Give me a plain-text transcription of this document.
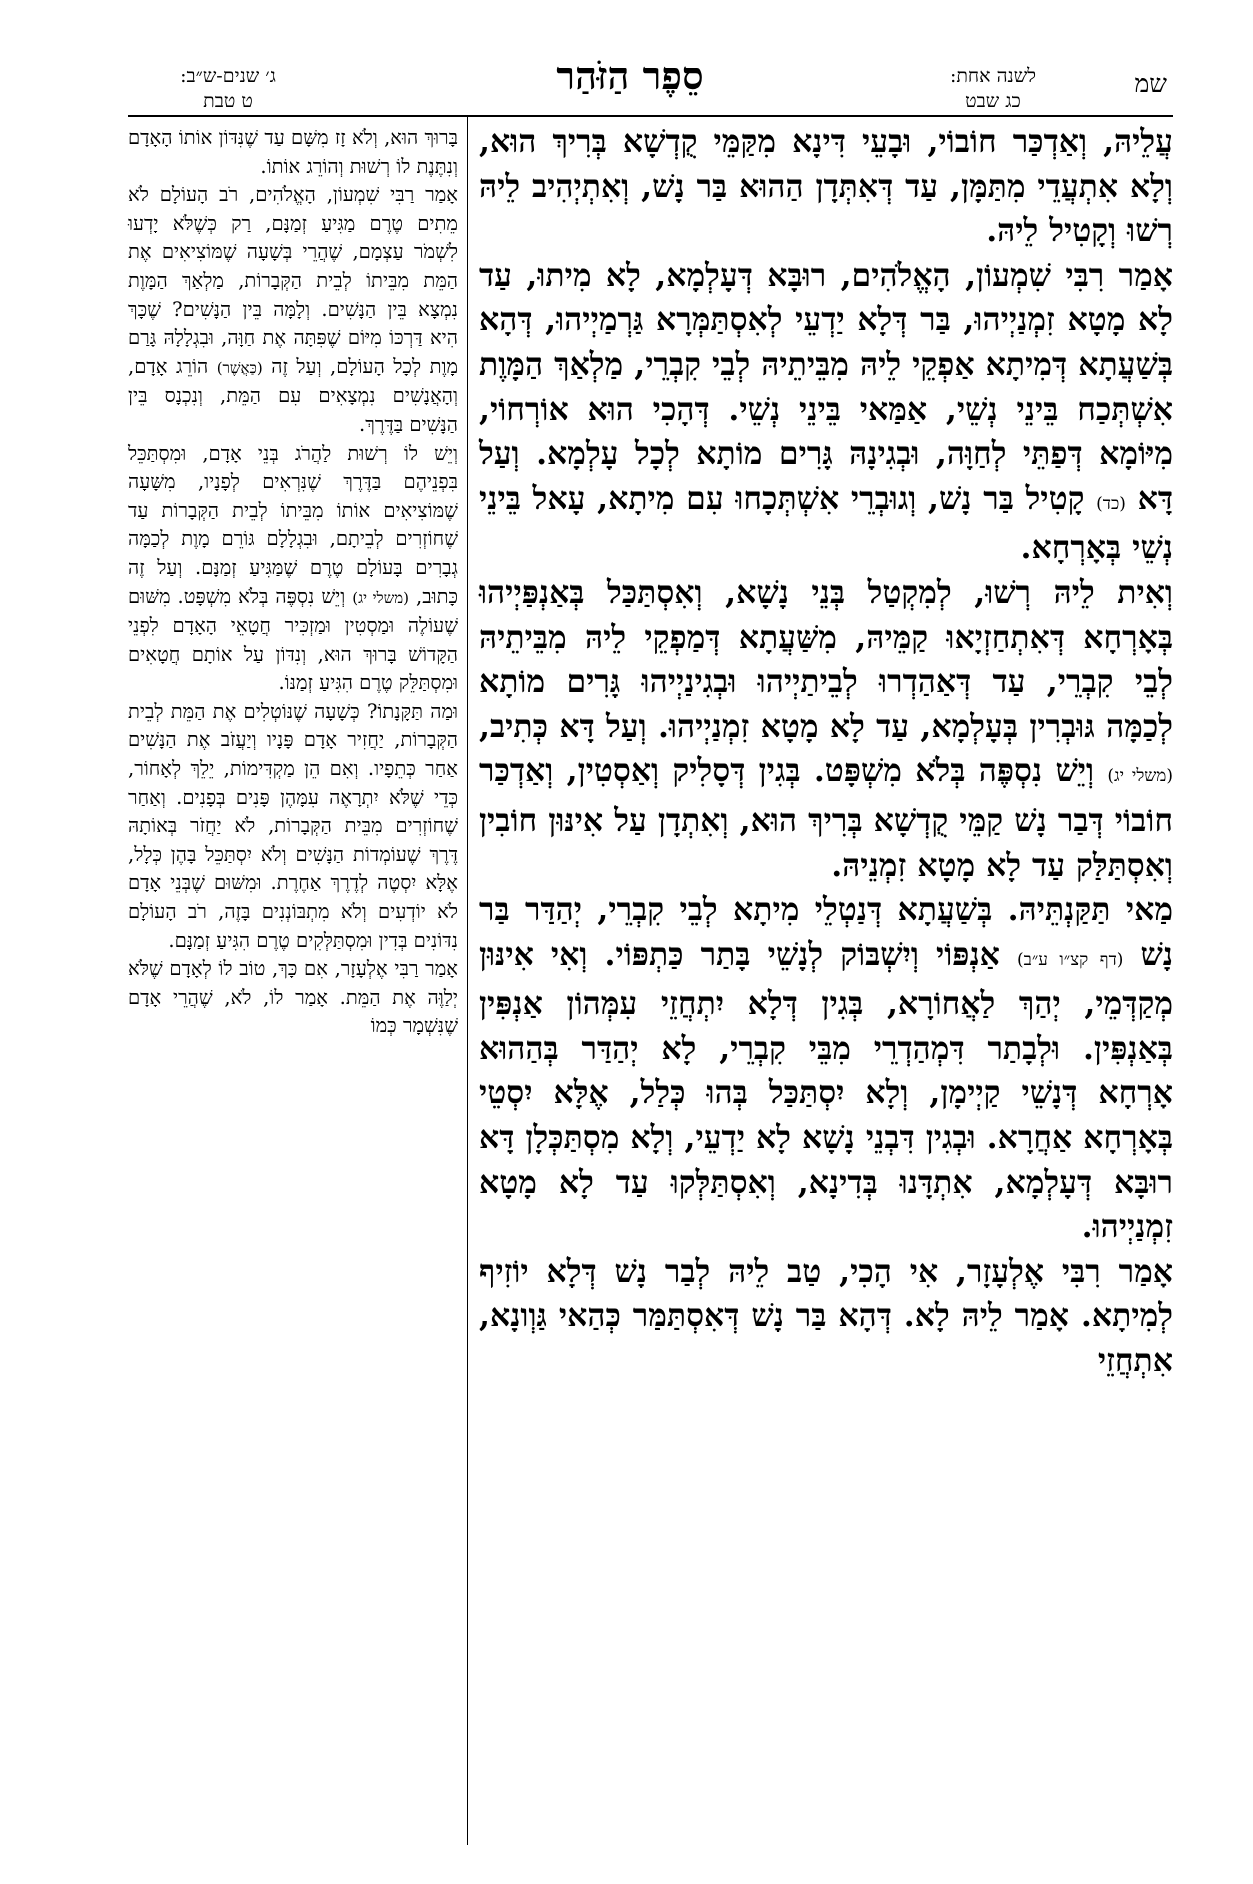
שמ
לשנה אחת:
כג שבט
סֵפֶר הַזֹּהַר
ג׳ שנים-ש״ב:
ט טבת

עֲלֵיהּ, וְאַדְכַּר חוֹבוֹי, וּבָעֵי דִּינָא מִקַּמֵּי קֻדְשָׁא בְּרִיךְ הוּא, וְלָא אִתְעֲדֵי מִתַּמָּן, עַד דְּאִתְּדָן הַהוּא בַּר נָשׁ, וְאִתְיְהִיב לֵיהּ רְשׁוּ וְקָטִיל לֵיהּ.

אָמַר רִבִּי שִׁמְעוֹן, הָאֱלֹהִים, רוּבָּא דְּעָלְמָא, לָא מִיתוּ, עַד לָא מָטָא זִמְנַיְיהוּ, בַּר דְּלָא יַדְעֵי לְאִסְתַּמְּרָא גַּרְמַיְיהוּ, דְּהָא בְּשַׁעֲתָא דְּמִיתָא אַפְקֵי לֵיהּ מִבֵּיתֵיהּ לְבֵי קִבְרֵי, מַלְאַךְ הַמָּוֶת אִשְׁתְּכַח בֵּינֵי נְשֵׁי, אַמַּאי בֵּינֵי נְשֵׁי. דְּהָכִי הוּא אוֹרְחוֹי, מִיּוֹמָא דְּפַתֵּי לְחַוָּה, וּבְגִינָהּ גָּרִים מוֹתָא לְכָל עָלְמָא. וְעַל דָּא (כד) קָטִיל בַּר נָשׁ, וְגוּבְרֵי אִשְׁתְּכָחוּ עִם מִיתָא, עָאל בֵּינֵי נְשֵׁי בְּאָרְחָא.

וְאִית לֵיהּ רְשׁוּ, לְמִקְטַל בְּנֵי נָשָׁא, וְאִסְתַּכַּל בְּאַנְפַּיְיהוּ בְּאָרְחָא דְּאִתְחַזְיָאוּ קַמֵּיהּ, מִשַּׁעֲתָא דְּמַפְקֵי לֵיהּ מִבֵּיתֵיהּ לְבֵי קִבְרֵי, עַד דְּאַהַדְרוּ לְבֵיתַיְיהוּ וּבְגִינַיְיהוּ גָּרִים מוֹתָא לְכַמָּה גּוּבְרִין בְּעָלְמָא, עַד לָא מָטָא זִמְנַיְיהוּ. וְעַל דָּא כְּתִיב, (משלי יג) וְיֵשׁ נִסְפֶּה בְּלֹא מִשְׁפָּט. בְּגִין דְּסָלִיק וְאַסְטִין, וְאַדְכַּר חוֹבוֹי דְּבַר נָשׁ קַמֵּי קֻדְשָׁא בְּרִיךְ הוּא, וְאִתְדָן עַל אִינּוּן חוֹבִין וְאִסְתַּלַּק עַד לָא מָטָא זִמְנֵיהּ.

מַאי תַּקַּנְתֵּיהּ. בְּשַׁעֲתָא דְּנַטְלֵי מִיתָא לְבֵי קִבְרֵי, יְהַדַּר בַּר נָשׁ (דף קצ״ו ע״ב) אַנְפּוֹי וְיִשְׁבּוֹק לְנָשֵׁי בָּתַר כַּתְפּוֹי. וְאִי אִינּוּן מְקַדְּמֵי, יְהַךְ לַאֲחוֹרָא, בְּגִין דְּלָא יִתְחֲזֵי עִמְּהוֹן אַנְפִּין בְּאַנְפִּין. וּלְבָתַר דִּמְהַדְרֵי מִבֵּי קִבְרֵי, לָא יְהַדַּר בְּהַהוּא אָרְחָא דְּנָשֵׁי קַיְימָן, וְלָא יִסְתַּכַּל בְּהוּ כְּלַל, אֶלָּא יִסְטֵי בְּאָרְחָא אַחֲרָא. וּבְגִין דִּבְנֵי נָשָׁא לָא יַדְעֵי, וְלָא מִסְתַּכְּלָן דָּא רוּבָּא דְּעָלְמָא, אִתְדָּנוּ בְּדִינָא, וְאִסְתַּלְּקוּ עַד לָא מָטָא זִמְנַיְיהוּ.

אָמַר רִבִּי אֶלְעָזָר, אִי הָכִי, טַב לֵיהּ לְבַר נָשׁ דְּלָא יוֹזִיף לְמִיתָא. אָמַר לֵיהּ לָא. דְּהָא בַּר נָשׁ דְּאִסְתַּמַּר כְּהַאי גַּוְונָא, אִתְחֲזֵי

בָּרוּךְ הוּא, וְלֹא זָז מִשָּׁם עַד שֶׁנִּדּוֹן אוֹתוֹ הָאָדָם וְנִתֶּנֶת לוֹ רְשׁוּת וְהוֹרֵג אוֹתוֹ.

אָמַר רַבִּי שִׁמְעוֹן, הָאֱלֹהִים, רֹב הָעוֹלָם לֹא מֵתִים טֶרֶם מַגִּיעַ זְמַנָּם, רַק כְּשֶׁלֹּא יָדְעוּ לִשְׁמֹר עַצְמָם, שֶׁהֲרֵי בְּשָׁעָה שֶׁמּוֹצִיאִים אֶת הַמֵּת מִבֵּיתוֹ לְבֵית הַקְּבָרוֹת, מַלְאַךְ הַמָּוֶת נִמְצָא בֵּין הַנָּשִׁים. וְלָמָּה בֵּין הַנָּשִׁים? שֶׁכָּךְ הִיא דַּרְכּוֹ מִיּוֹם שֶׁפִּתָּה אֶת חַוָּה, וּבִגְלָלָהּ גָּרַם מָוֶת לְכָל הָעוֹלָם, וְעַל זֶה (כַּאֲשֶׁר) הוֹרֵג אָדָם, וְהָאֲנָשִׁים נִמְצָאִים עִם הַמֵּת, וְנִכְנָס בֵּין הַנָּשִׁים בַּדֶּרֶךְ.

וְיֵשׁ לוֹ רְשׁוּת לַהֲרֹג בְּנֵי אָדָם, וּמִסְתַּכֵּל בִּפְנֵיהֶם בַּדֶּרֶךְ שֶׁנִּרְאִים לְפָנָיו, מִשָּׁעָה שֶׁמּוֹצִיאִים אוֹתוֹ מִבֵּיתוֹ לְבֵית הַקְּבָרוֹת עַד שֶׁחוֹזְרִים לְבֵיתָם, וּבִגְלָלָם גּוֹרֵם מָוֶת לְכַמָּה גְבָרִים בָּעוֹלָם טֶרֶם שֶׁמַּגִּיעַ זְמַנָּם. וְעַל זֶה כָּתוּב, (משלי יג) וְיֵשׁ נִסְפֶּה בְּלֹא מִשְׁפָּט. מִשּׁוּם שֶׁעוֹלֶה וּמַסְטִין וּמַזְכִּיר חֲטָאֵי הָאָדָם לִפְנֵי הַקָּדוֹשׁ בָּרוּךְ הוּא, וְנִדּוֹן עַל אוֹתָם חֲטָאִים וּמִסְתַּלֵּק טֶרֶם הִגִּיעַ זְמַנּוֹ.

וּמַה תַּקָּנָתוֹ? כְּשָׁעָה שֶׁנּוֹטְלִים אֶת הַמֵּת לְבֵית הַקְּבָרוֹת, יַחֲזִיר אָדָם פָּנָיו וְיַעֲזֹב אֶת הַנָּשִׁים אַחַר כְּתֵפָיו. וְאִם הֵן מַקְדִּימוֹת, יֵלֵךְ לְאָחוֹר, כְּדֵי שֶׁלֹּא יִתְרָאֶה עִמָּהֶן פָּנִים בְּפָנִים. וְאַחַר שֶׁחוֹזְרִים מִבֵּית הַקְּבָרוֹת, לֹא יַחֲזֹר בְּאוֹתָהּ דֶּרֶךְ שֶׁעוֹמְדוֹת הַנָּשִׁים וְלֹא יִסְתַּכֵּל בָּהֶן כְּלָל, אֶלָּא יִסְטֶה לְדֶרֶךְ אַחֶרֶת. וּמִשּׁוּם שֶׁבְּנֵי אָדָם לֹא יוֹדְעִים וְלֹא מִתְבּוֹנְנִים בָּזֶה, רֹב הָעוֹלָם נִדּוֹנִים בְּדִין וּמִסְתַּלְּקִים טֶרֶם הִגִּיעַ זְמַנָּם.

אָמַר רַבִּי אֶלְעָזָר, אִם כָּךְ, טוֹב לוֹ לְאָדָם שֶׁלֹּא יְלַוֶּה אֶת הַמֵּת. אָמַר לוֹ, לֹא, שֶׁהֲרֵי אָדָם שֶׁנִּשְׁמָר כְּמוֹ
